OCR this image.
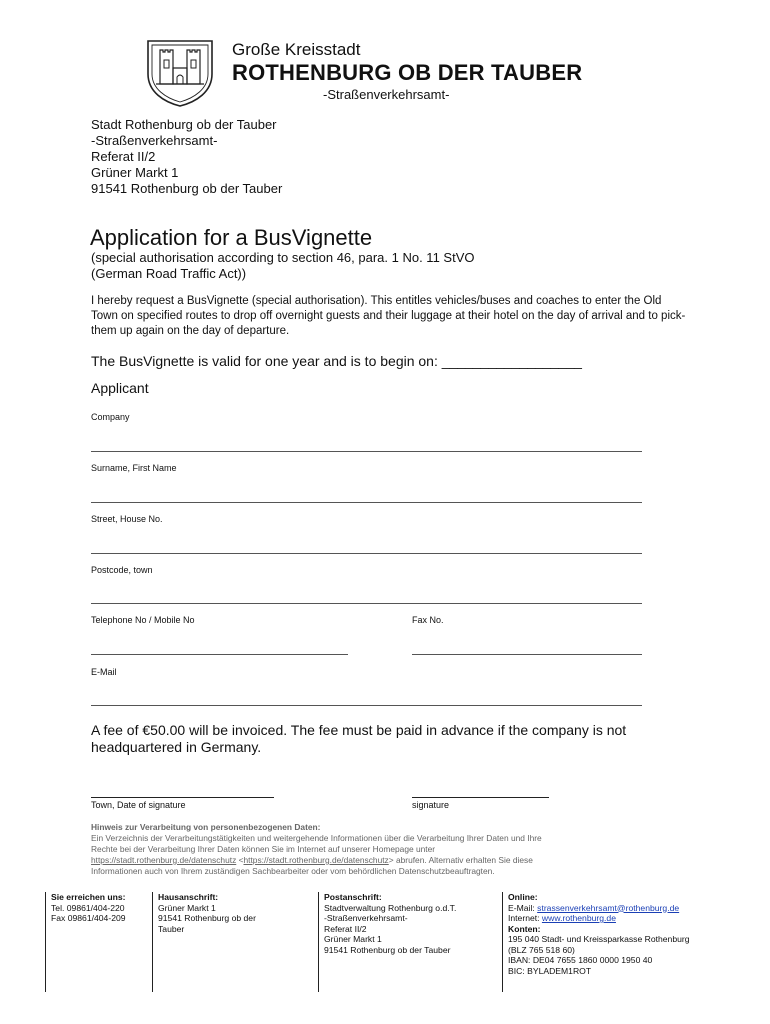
Große Kreisstadt
ROTHENBURG OB DER TAUBER
-Straßenverkehrsamt-
Stadt Rothenburg ob der Tauber
-Straßenverkehrsamt-
Referat II/2
Grüner Markt 1
91541 Rothenburg ob der Tauber
Application for a BusVignette
(special authorisation according to section 46, para. 1 No. 11 StVO
(German Road Traffic Act))
I hereby request a BusVignette (special authorisation). This entitles vehicles/buses and coaches to enter the Old Town on specified routes to drop off overnight guests and their luggage at their hotel on the day of arrival and to pick-them up again on the day of departure.
The BusVignette is valid for one year and is to begin on: __________________
Applicant
Company
Surname, First Name
Street, House No.
Postcode, town
Telephone No / Mobile No	Fax No.
E-Mail
A fee of €50.00 will be invoiced. The fee must be paid in advance if the company is not headquartered in Germany.
Town, Date of signature	signature
Hinweis zur Verarbeitung von personenbezogenen Daten:
Ein Verzeichnis der Verarbeitungstätigkeiten und weitergehende Informationen über die Verarbeitung Ihrer Daten und Ihre
Rechte bei der Verarbeitung Ihrer Daten können Sie im Internet auf unserer Homepage unter
https://stadt.rothenburg.de/datenschutz <https://stadt.rothenburg.de/datenschutz> abrufen. Alternativ erhalten Sie diese
Informationen auch von Ihrem zuständigen Sachbearbeiter oder vom behördlichen Datenschutzbeauftragten.
Sie erreichen uns:
Tel. 09861/404-220
Fax 09861/404-209
Hausanschrift:
Grüner Markt 1
91541 Rothenburg ob der
Tauber
Postanschrift:
Stadtverwaltung Rothenburg o.d.T.
-Straßenverkehrsamt-
Referat II/2
Grüner Markt 1
91541 Rothenburg ob der Tauber
Online:
E-Mail: strassenverkehrsamt@rothenburg.de
Internet: www.rothenburg.de
Konten:
195 040 Stadt- und Kreissparkasse Rothenburg
(BLZ 765 518 60)
IBAN: DE04 7655 1860 0000 1950 40
BIC: BYLADEM1ROT
